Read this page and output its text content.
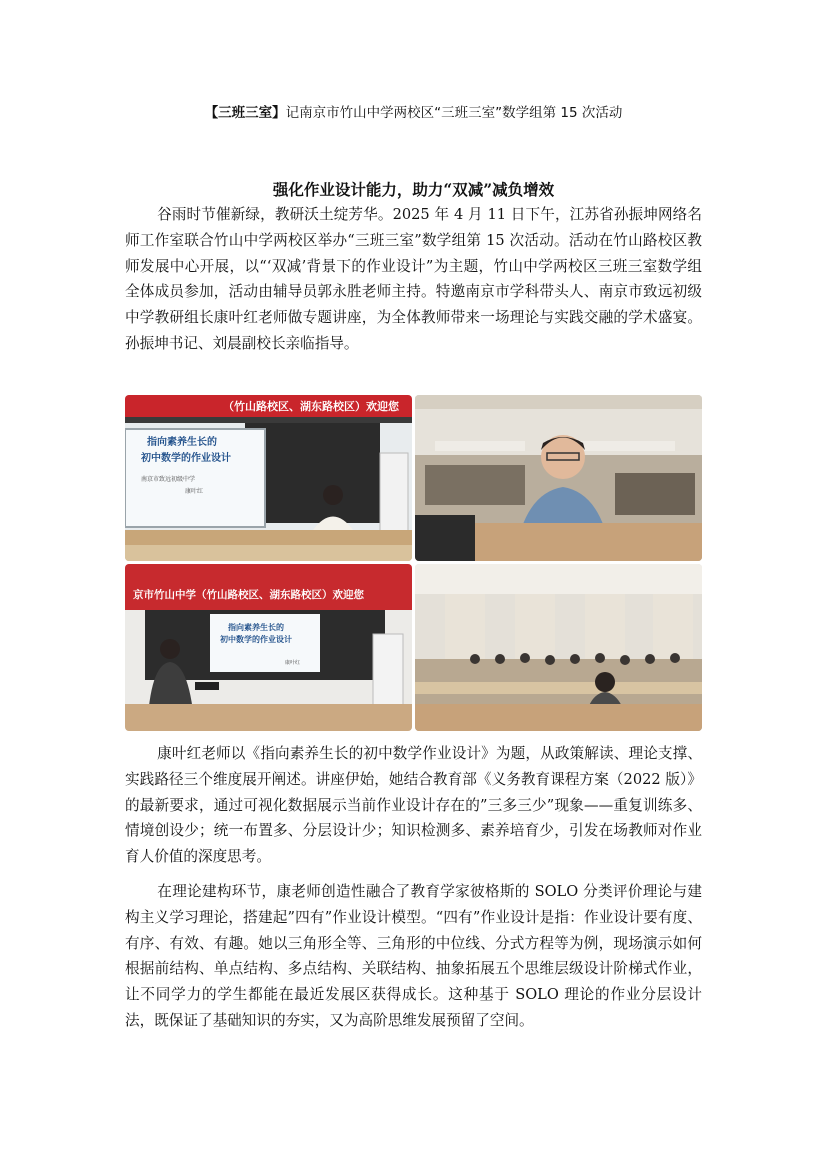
【三班三室】记南京市竹山中学两校区“三班三室”数学组第 15 次活动
强化作业设计能力，助力“双减”减负增效

谷雨时节催新绿，教研沃土绽芳华。2025 年 4 月 11 日下午，江苏省孙振坤网络名师工作室联合竹山中学两校区举办“三班三室”数学组第 15 次活动。活动在竹山路校区教师发展中心开展，以“‘双减’背景下的作业设计”为主题，竹山中学两校区三班三室数学组全体成员参加，活动由辅导员郭永胜老师主持。特邀南京市学科带头人、南京市致远初级中学教研组长康叶红老师做专题讲座，为全体教师带来一场理论与实践交融的学术盛宴。孙振坤书记、刘晨副校长亲临指导。

（竹山路校区、湖东路校区）欢迎您
指向素养生长的
初中数学的作业设计
南京市致远初级中学
康叶红
京市竹山中学（竹山路校区、湖东路校区）欢迎您
指向素养生长的
初中数学的作业设计
康叶红

康叶红老师以《指向素养生长的初中数学作业设计》为题，从政策解读、理论支撑、实践路径三个维度展开阐述。讲座伊始，她结合教育部《义务教育课程方案（2022 版）》的最新要求，通过可视化数据展示当前作业设计存在的”三多三少”现象——重复训练多、情境创设少；统一布置多、分层设计少；知识检测多、素养培育少，引发在场教师对作业育人价值的深度思考。

在理论建构环节，康老师创造性融合了教育学家彼格斯的 SOLO 分类评价理论与建构主义学习理论，搭建起”四有”作业设计模型。“四有”作业设计是指：作业设计要有度、有序、有效、有趣。她以三角形全等、三角形的中位线、分式方程等为例，现场演示如何根据前结构、单点结构、多点结构、关联结构、抽象拓展五个思维层级设计阶梯式作业，让不同学力的学生都能在最近发展区获得成长。这种基于 SOLO 理论的作业分层设计法，既保证了基础知识的夯实，又为高阶思维发展预留了空间。
